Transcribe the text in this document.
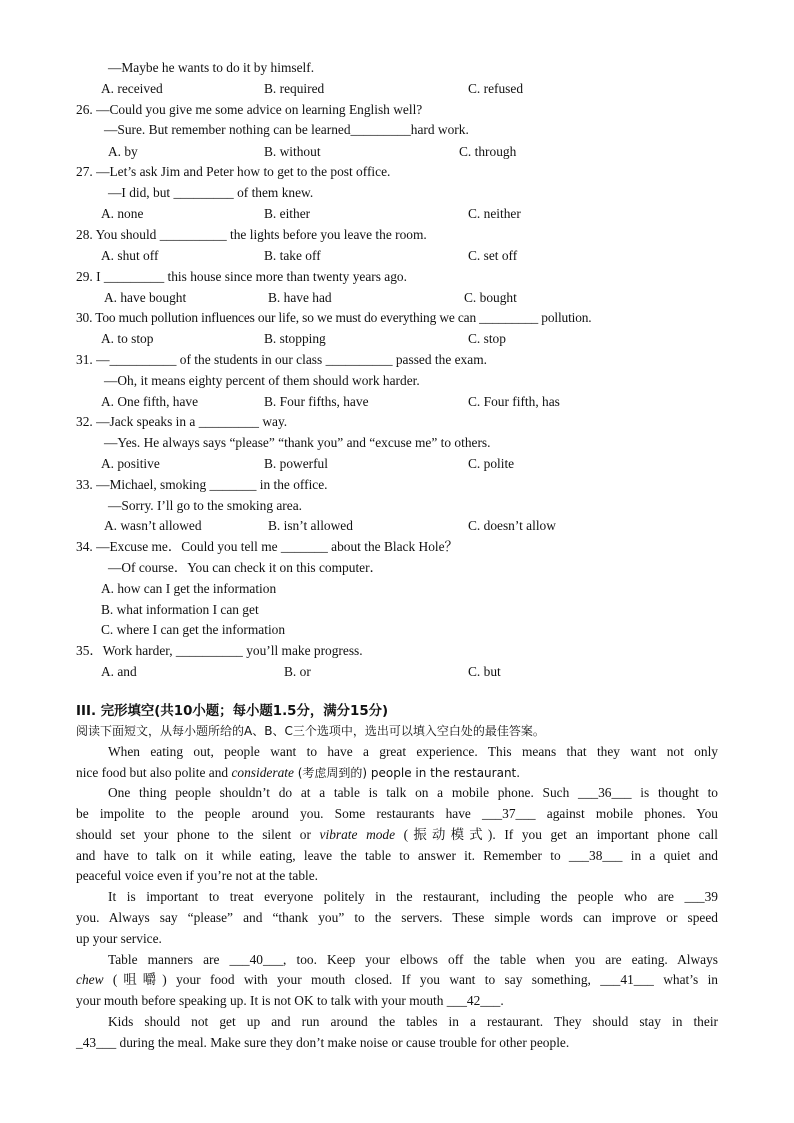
—Maybe he wants to do it by himself.
A. received	B. required	C. refused
26. —Could you give me some advice on learning English well?
—Sure. But remember nothing can be learned_________hard work.
A. by	B. without	C. through
27. —Let’s ask Jim and Peter how to get to the post office.
—I did, but _________ of them knew.
A. none	B. either	C. neither
28. You should __________ the lights before you leave the room.
A. shut off	B. take off	C. set off
29. I _________ this house since more than twenty years ago.
A. have bought	B. have had	C. bought
30. Too much pollution influences our life, so we must do everything we can _________ pollution.
A. to stop	B. stopping	C. stop
31. —__________ of the students in our class __________ passed the exam.
—Oh, it means eighty percent of them should work harder.
A. One fifth, have	B. Four fifths, have	C. Four fifth, has
32. —Jack speaks in a _________ way.
—Yes. He always says “please” “thank you” and “excuse me” to others.
A. positive	B. powerful	C. polite
33. —Michael, smoking _______ in the office.
—Sorry. I’ll go to the smoking area.
A. wasn’t allowed	B. isn’t allowed	C. doesn’t allow
34. —Excuse me．Could you tell me _______ about the Black Hole？
—Of course．You can check it on this computer．
A. how can I get the information
B. what information I can get
C. where I can get the information
35．Work harder, __________ you’ll make progress.
A. and	B. or	C. but
III. 完形填空(共10小题；每小题1.5分，满分15分)
阅读下面短文，从每小题所给的A、B、C三个选项中，选出可以填入空白处的最佳答案。
When eating out, people want to have a great experience. This means that they want not only
nice food but also polite and considerate (考虑周到的) people in the restaurant.
One thing people shouldn’t do at a table is talk on a mobile phone. Such ___36___ is thought to
be impolite to the people around you. Some restaurants have ___37___ against mobile phones. You
should set your phone to the silent or vibrate mode (振动模式). If you get an important phone call
and have to talk on it while eating, leave the table to answer it. Remember to ___38___ in a quiet and
peaceful voice even if you’re not at the table.
It is important to treat everyone politely in the restaurant, including the people who are ___39
you. Always say “please” and “thank you” to the servers. These simple words can improve or speed
up your service.
Table manners are ___40___, too. Keep your elbows off the table when you are eating. Always
chew (咀嚼) your food with your mouth closed. If you want to say something, ___41___ what’s in
your mouth before speaking up. It is not OK to talk with your mouth ___42___.
Kids should not get up and run around the tables in a restaurant. They should stay in their
_43___ during the meal. Make sure they don’t make noise or cause trouble for other people.
